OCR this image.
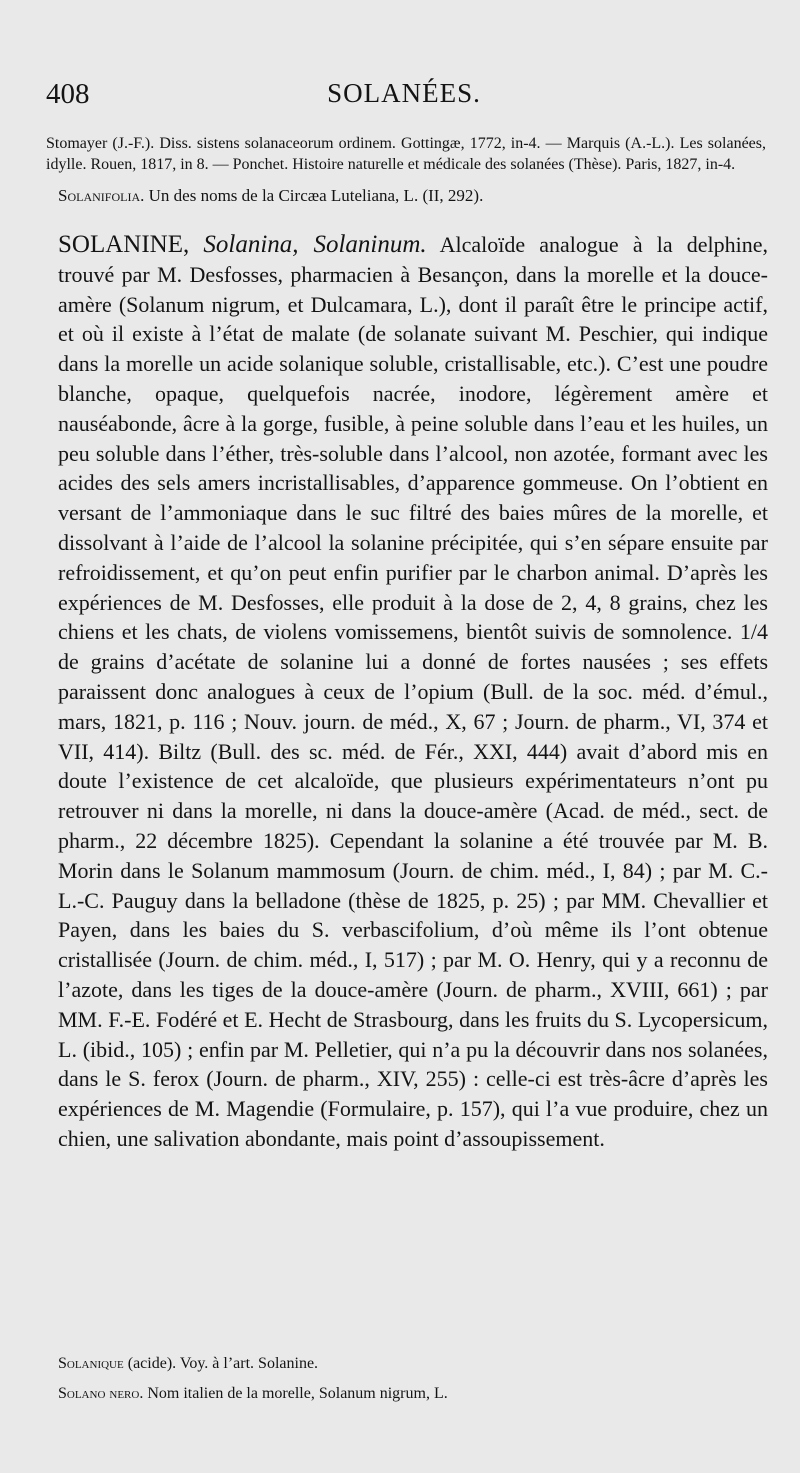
408	SOLANÉES.

Stomayer (J.-F.). Diss. sistens solanaceorum ordinem. Gottingæ, 1772, in-4. — Marquis (A.-L.). Les solanées, idylle. Rouen, 1817, in 8. — Ponchet. Histoire naturelle et médicale des solanées (Thèse). Paris, 1827, in-4.

Solanifolia. Un des noms de la Circæa Luteliana, L. (II, 292).

SOLANINE, Solanina, Solaninum. Alcaloïde analogue à la delphine, trouvé par M. Desfosses, pharmacien à Besançon, dans la morelle et la douce-amère (Solanum nigrum, et Dulcamara, L.), dont il paraît être le principe actif, et où il existe à l’état de malate (de solanate suivant M. Peschier, qui indique dans la morelle un acide solanique soluble, cristallisable, etc.). C’est une poudre blanche, opaque, quelquefois nacrée, inodore, légèrement amère et nauséabonde, âcre à la gorge, fusible, à peine soluble dans l’eau et les huiles, un peu soluble dans l’éther, très-soluble dans l’alcool, non azotée, formant avec les acides des sels amers incristallisables, d’apparence gommeuse. On l’obtient en versant de l’ammoniaque dans le suc filtré des baies mûres de la morelle, et dissolvant à l’aide de l’alcool la solanine précipitée, qui s’en sépare ensuite par refroidissement, et qu’on peut enfin purifier par le charbon animal. D’après les expériences de M. Desfosses, elle produit à la dose de 2, 4, 8 grains, chez les chiens et les chats, de violens vomissemens, bientôt suivis de somnolence. 1/4 de grains d’acétate de solanine lui a donné de fortes nausées ; ses effets paraissent donc analogues à ceux de l’opium (Bull. de la soc. méd. d’émul., mars, 1821, p. 116 ; Nouv. journ. de méd., X, 67 ; Journ. de pharm., VI, 374 et VII, 414). Biltz (Bull. des sc. méd. de Fér., XXI, 444) avait d’abord mis en doute l’existence de cet alcaloïde, que plusieurs expérimentateurs n’ont pu retrouver ni dans la morelle, ni dans la douce-amère (Acad. de méd., sect. de pharm., 22 décembre 1825). Cependant la solanine a été trouvée par M. B. Morin dans le Solanum mammosum (Journ. de chim. méd., I, 84) ; par M. C.-L.-C. Pauguy dans la belladone (thèse de 1825, p. 25) ; par MM. Chevallier et Payen, dans les baies du S. verbascifolium, d’où même ils l’ont obtenue cristallisée (Journ. de chim. méd., I, 517) ; par M. O. Henry, qui y a reconnu de l’azote, dans les tiges de la douce-amère (Journ. de pharm., XVIII, 661) ; par MM. F.-E. Fodéré et E. Hecht de Strasbourg, dans les fruits du S. Lycopersicum, L. (ibid., 105) ; enfin par M. Pelletier, qui n’a pu la découvrir dans nos solanées, dans le S. ferox (Journ. de pharm., XIV, 255) : celle-ci est très-âcre d’après les expériences de M. Magendie (Formulaire, p. 157), qui l’a vue produire, chez un chien, une salivation abondante, mais point d’assoupissement.

Solanique (acide). Voy. à l’art. Solanine.

Solano nero. Nom italien de la morelle, Solanum nigrum, L.
